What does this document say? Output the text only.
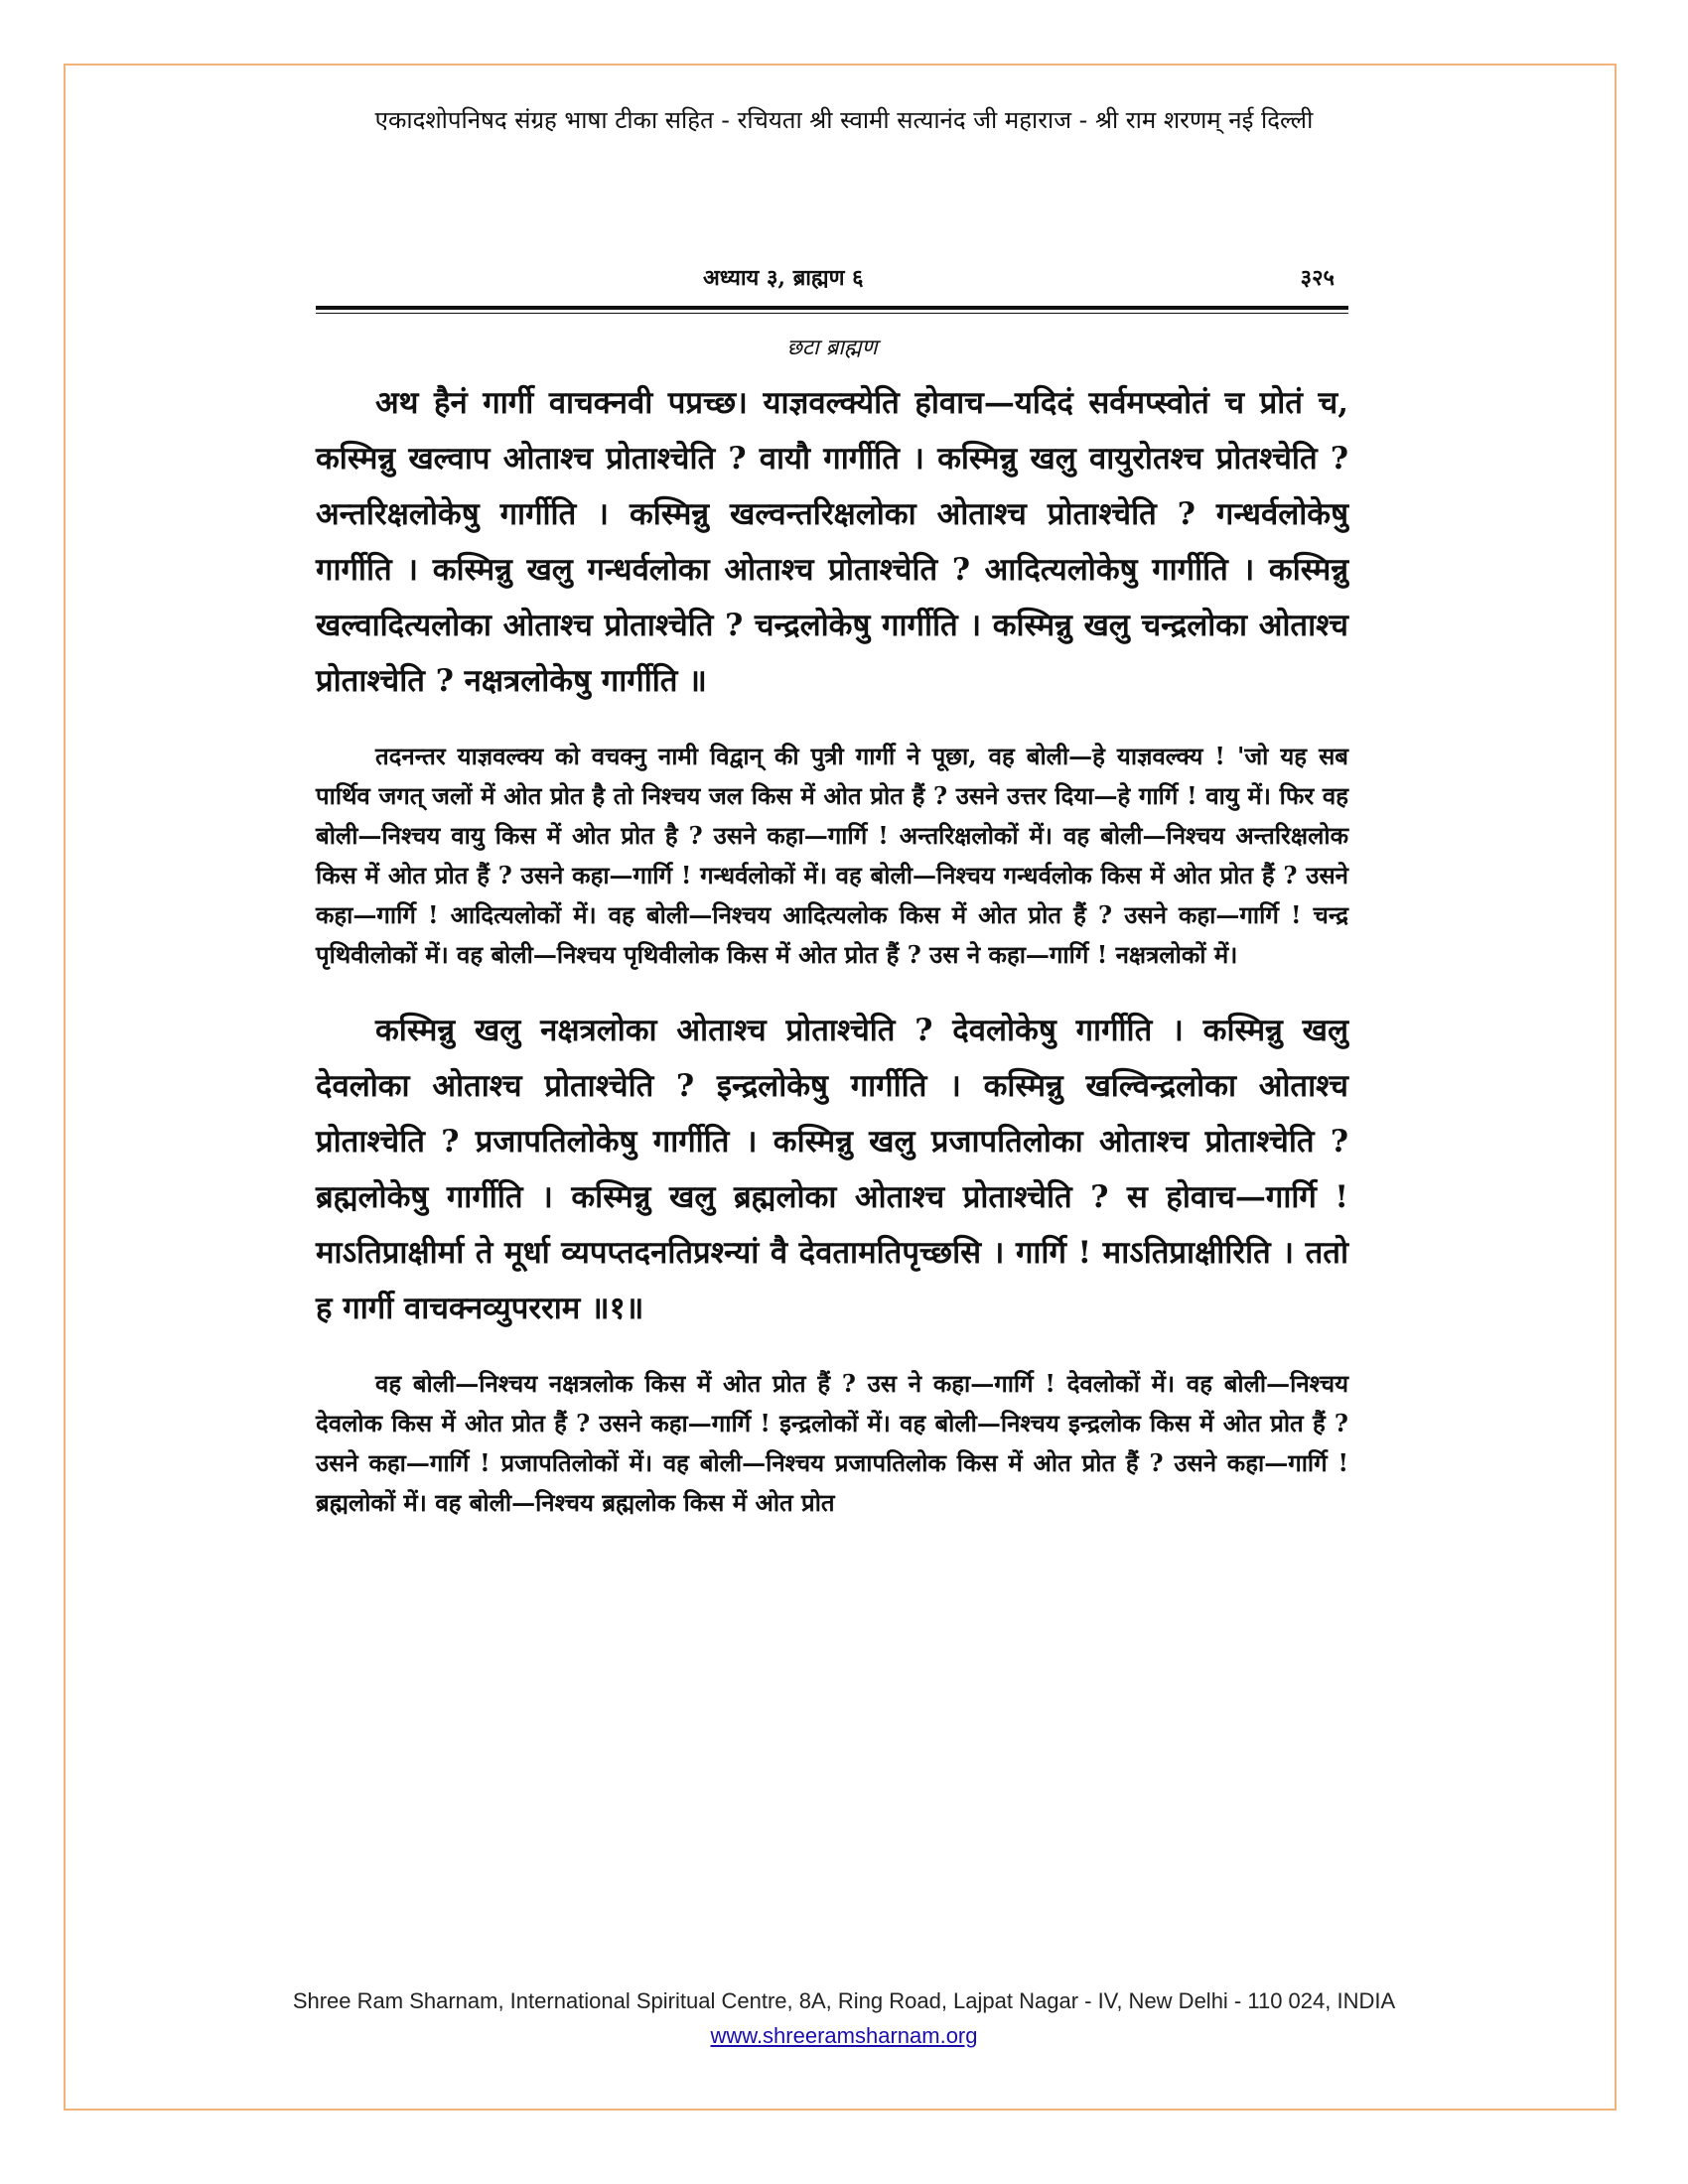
एकादशोपनिषद संग्रह भाषा टीका सहित - रचियता श्री स्वामी सत्यानंद जी महाराज - श्री राम शरणम् नई दिल्ली
अध्याय ३, ब्राह्मण ६	३२५
छटा ब्राह्मण

अथ हैनं गार्गी वाचक्नवी पप्रच्छ। याज्ञवल्क्येति होवाच—यदिदं सर्वमप्स्वोतं च प्रोतं च, कस्मिन्नु खल्वाप ओताश्च प्रोताश्चेति ? वायौ गार्गीति । कस्मिन्नु खलु वायुरोतश्च प्रोतश्चेति ? अन्तरिक्षलोकेषु गार्गीति । कस्मिन्नु खल्वन्तरिक्षलोका ओताश्च प्रोताश्चेति ? गन्धर्वलोकेषु गार्गीति । कस्मिन्नु खलु गन्धर्वलोका ओताश्च प्रोताश्चेति ? आदित्यलोकेषु गार्गीति । कस्मिन्नु खल्वादित्यलोका ओताश्च प्रोताश्चेति ? चन्द्रलोकेषु गार्गीति । कस्मिन्नु खलु चन्द्रलोका ओताश्च प्रोताश्चेति ? नक्षत्रलोकेषु गार्गीति ॥

तदनन्तर याज्ञवल्क्य को वचक्नु नामी विद्वान् की पुत्री गार्गी ने पूछा, वह बोली—हे याज्ञवल्क्य ! 'जो यह सब पार्थिव जगत् जलों में ओत प्रोत है तो निश्चय जल किस में ओत प्रोत हैं ? उसने उत्तर दिया—हे गार्गि ! वायु में। फिर वह बोली—निश्चय वायु किस में ओत प्रोत है ? उसने कहा—गार्गि ! अन्तरिक्षलोकों में। वह बोली—निश्चय अन्तरिक्षलोक किस में ओत प्रोत हैं ? उसने कहा—गार्गि ! गन्धर्वलोकों में। वह बोली—निश्चय गन्धर्वलोक किस में ओत प्रोत हैं ? उसने कहा—गार्गि ! आदित्यलोकों में। वह बोली—निश्चय आदित्यलोक किस में ओत प्रोत हैं ? उसने कहा—गार्गि ! चन्द्र पृथिवीलोकों में। वह बोली—निश्चय पृथिवीलोक किस में ओत प्रोत हैं ? उस ने कहा—गार्गि ! नक्षत्रलोकों में।

कस्मिन्नु खलु नक्षत्रलोका ओताश्च प्रोताश्चेति ? देवलोकेषु गार्गीति । कस्मिन्नु खलु देवलोका ओताश्च प्रोताश्चेति ? इन्द्रलोकेषु गार्गीति । कस्मिन्नु खल्विन्द्रलोका ओताश्च प्रोताश्चेति ? प्रजापतिलोकेषु गार्गीति । कस्मिन्नु खलु प्रजापतिलोका ओताश्च प्रोताश्चेति ? ब्रह्मलोकेषु गार्गीति । कस्मिन्नु खलु ब्रह्मलोका ओताश्च प्रोताश्चेति ? स होवाच—गार्गि ! माऽतिप्राक्षीर्मा ते मूर्धा व्यपप्तदनतिप्रश्न्यां वै देवतामतिपृच्छसि । गार्गि ! माऽतिप्राक्षीरिति । ततो ह गार्गी वाचक्नव्युपरराम ॥१॥

वह बोली—निश्चय नक्षत्रलोक किस में ओत प्रोत हैं ? उस ने कहा—गार्गि ! देवलोकों में। वह बोली—निश्चय देवलोक किस में ओत प्रोत हैं ? उसने कहा—गार्गि ! इन्द्रलोकों में। वह बोली—निश्चय इन्द्रलोक किस में ओत प्रोत हैं ? उसने कहा—गार्गि ! प्रजापतिलोकों में। वह बोली—निश्चय प्रजापतिलोक किस में ओत प्रोत हैं ? उसने कहा—गार्गि ! ब्रह्मलोकों में। वह बोली—निश्चय ब्रह्मलोक किस में ओत प्रोत

Shree Ram Sharnam, International Spiritual Centre, 8A, Ring Road, Lajpat Nagar - IV, New Delhi - 110 024, INDIA
www.shreeramsharnam.org
